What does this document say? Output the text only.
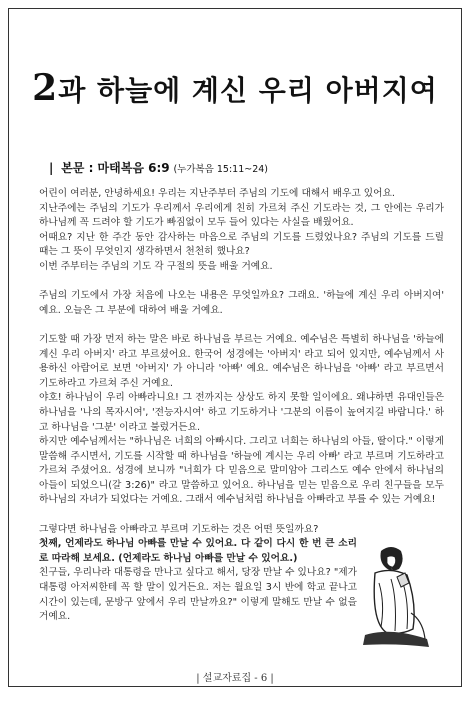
2과 하늘에 계신 우리 아버지여
| 본문 : 마태복음 6:9 (누가복음 15:11~24)

어린이 여러분, 안녕하세요! 우리는 지난주부터 주님의 기도에 대해서 배우고 있어요.

지난주에는 주님의 기도가 우리께서 우리에게 친히 가르쳐 주신 기도라는 것, 그 안에는 우리가 하나님께 꼭 드려야 할 기도가 빠짐없이 모두 들어 있다는 사실을 배웠어요.

어때요? 지난 한 주간 동안 감사하는 마음으로 주님의 기도를 드렸었나요? 주님의 기도를 드릴 때는 그 뜻이 무엇인지 생각하면서 천천히 했나요?

이번 주부터는 주님의 기도 각 구절의 뜻을 배울 거예요.

주님의 기도에서 가장 처음에 나오는 내용은 무엇일까요? 그래요. '하늘에 계신 우리 아버지여' 예요. 오늘은 그 부분에 대하여 배울 거예요.

기도할 때 가장 먼저 하는 말은 바로 하나님을 부르는 거예요. 예수님은 특별히 하나님을 '하늘에 계신 우리 아버지' 라고 부르셨어요. 한국어 성경에는 '아버지' 라고 되어 있지만, 예수님께서 사용하신 아람어로 보면 '아버지' 가 아니라 '아빠' 예요. 예수님은 하나님을 '아빠' 라고 부르면서 기도하라고 가르쳐 주신 거예요.

야호! 하나님이 우리 아빠라니요! 그 전까지는 상상도 하지 못할 일이에요. 왜냐하면 유대인들은 하나님을 '나의 목자시여', '전능자시여' 하고 기도하거나 '그분의 이름이 높여지길 바랍니다.' 하고 하나님을 '그분' 이라고 불렀거든요.

하지만 예수님께서는 "하나님은 너희의 아빠시다. 그리고 너희는 하나님의 아들, 딸이다." 이렇게 말씀해 주시면서, 기도를 시작할 때 하나님을 '하늘에 계시는 우리 아빠' 라고 부르며 기도하라고 가르쳐 주셨어요. 성경에 보니까 "너희가 다 믿음으로 말미암아 그리스도 예수 안에서 하나님의 아들이 되었으니(갈 3:26)" 라고 말씀하고 있어요. 하나님을 믿는 믿음으로 우리 친구들을 모두 하나님의 자녀가 되었다는 거예요. 그래서 예수님처럼 하나님을 아빠라고 부를 수 있는 거예요!

그렇다면 하나님을 아빠라고 부르며 기도하는 것은 어떤 뜻일까요?

첫째, 언제라도 하나님 아빠를 만날 수 있어요. 다 같이 다시 한 번 큰 소리로 따라해 보세요. (언제라도 하나님 아빠를 만날 수 있어요.)

친구들, 우리나라 대통령을 만나고 싶다고 해서, 당장 만날 수 있나요? "제가 대통령 아저씨한테 꼭 할 말이 있거든요. 저는 월요일 3시 반에 학교 끝나고 시간이 있는데, 문방구 앞에서 우리 만날까요?" 이렇게 말해도 만날 수 없을 거예요.

| 설교자료집 - 6 |
